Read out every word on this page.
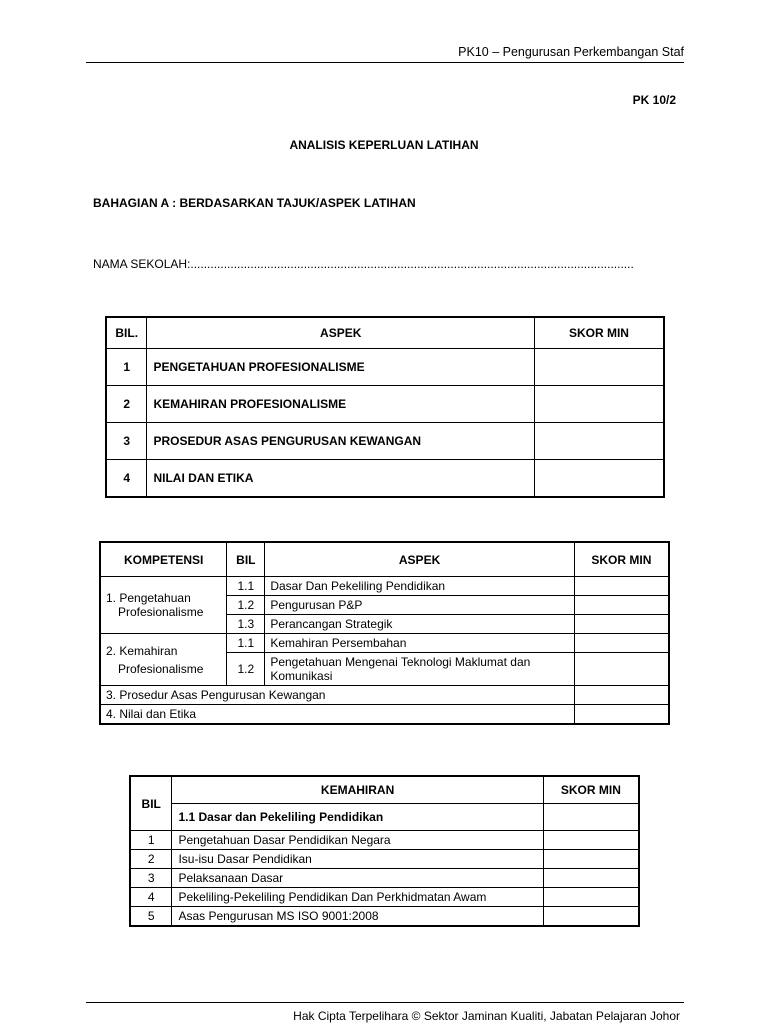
PK10 – Pengurusan Perkembangan Staf
PK 10/2
ANALISIS KEPERLUAN LATIHAN
BAHAGIAN A : BERDASARKAN TAJUK/ASPEK LATIHAN
NAMA SEKOLAH:.....................................................................................................................................
BIL.	ASPEK	SKOR MIN
1	PENGETAHUAN PROFESIONALISME	
2	KEMAHIRAN PROFESIONALISME	
3	PROSEDUR ASAS PENGURUSAN KEWANGAN	
4	NILAI DAN ETIKA	
KOMPETENSI	BIL	ASPEK	SKOR MIN

1. Pengetahuan
Profesionalisme	1.1	Dasar Dan Pekeliling Pendidikan	
	1.2	Pengurusan P&P	
	1.3	Perancangan Strategik	

2. Kemahiran
Profesionalisme	1.1	Kemahiran Persembahan	
	1.2	Pengetahuan Mengenai Teknologi Maklumat dan Komunikasi	
3. Prosedur Asas Pengurusan Kewangan			
4. Nilai dan Etika			
BIL	KEMAHIRAN	SKOR MIN
	1.1 Dasar dan Pekeliling Pendidikan	
1	Pengetahuan Dasar Pendidikan Negara	
2	Isu-isu Dasar Pendidikan	
3	Pelaksanaan Dasar	
4	Pekeliling-Pekeliling Pendidikan Dan Perkhidmatan Awam	
5	Asas Pengurusan MS ISO 9001:2008	
Hak Cipta Terpelihara © Sektor Jaminan Kualiti, Jabatan Pelajaran Johor
